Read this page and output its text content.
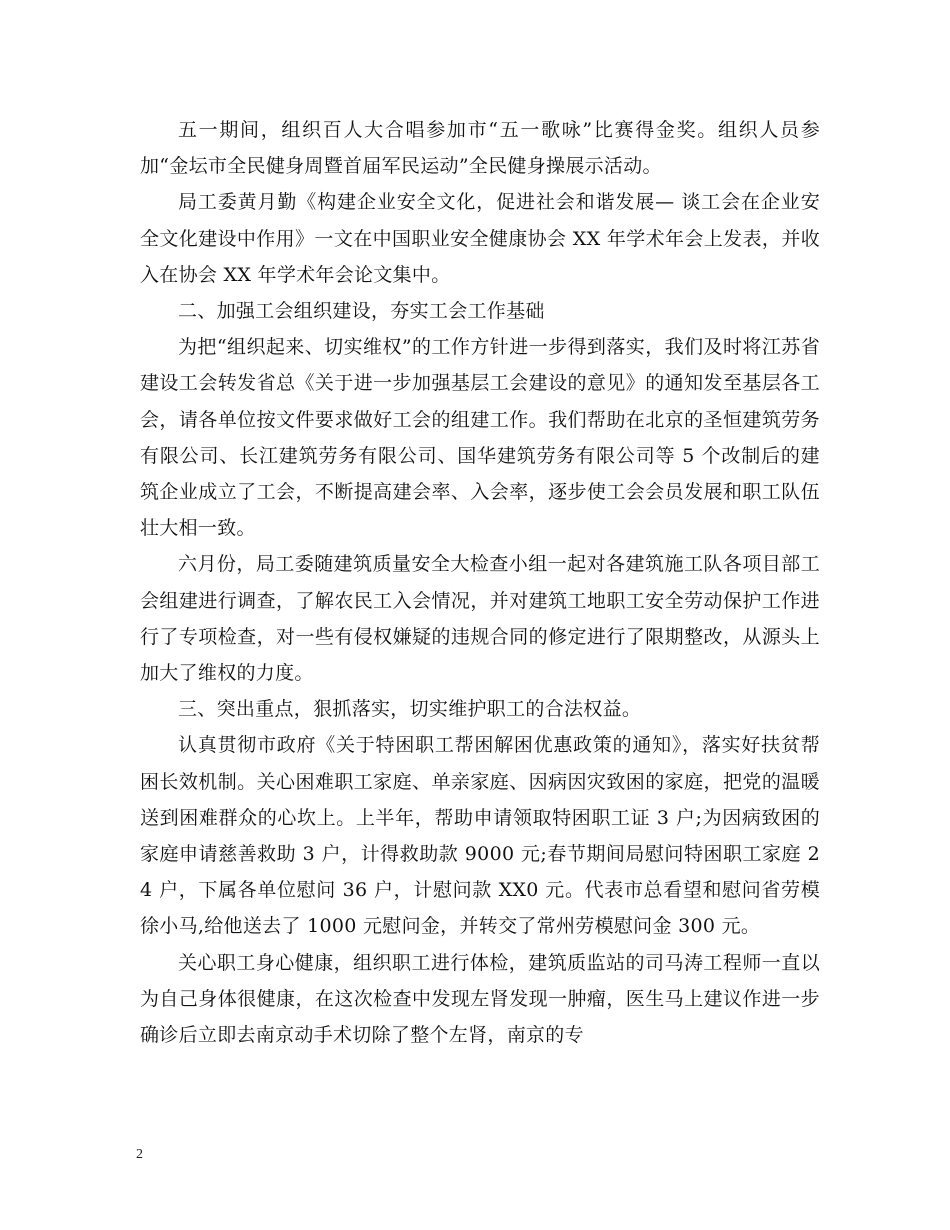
五一期间，组织百人大合唱参加市“五一歌咏”比赛得金奖。组织人员参加“金坛市全民健身周暨首届军民运动”全民健身操展示活动。

局工委黄月勤《构建企业安全文化，促进社会和谐发展— 谈工会在企业安全文化建设中作用》一文在中国职业安全健康协会 XX 年学术年会上发表，并收入在协会 XX 年学术年会论文集中。

二、加强工会组织建设，夯实工会工作基础

为把“组织起来、切实维权”的工作方针进一步得到落实，我们及时将江苏省建设工会转发省总《关于进一步加强基层工会建设的意见》的通知发至基层各工会，请各单位按文件要求做好工会的组建工作。我们帮助在北京的圣恒建筑劳务有限公司、长江建筑劳务有限公司、国华建筑劳务有限公司等 5 个改制后的建筑企业成立了工会，不断提高建会率、入会率，逐步使工会会员发展和职工队伍壮大相一致。

六月份，局工委随建筑质量安全大检查小组一起对各建筑施工队各项目部工会组建进行调查，了解农民工入会情况，并对建筑工地职工安全劳动保护工作进行了专项检查，对一些有侵权嫌疑的违规合同的修定进行了限期整改，从源头上加大了维权的力度。

三、突出重点，狠抓落实，切实维护职工的合法权益。

认真贯彻市政府《关于特困职工帮困解困优惠政策的通知》，落实好扶贫帮困长效机制。关心困难职工家庭、单亲家庭、因病因灾致困的家庭，把党的温暖送到困难群众的心坎上。上半年，帮助申请领取特困职工证 3 户;为因病致困的家庭申请慈善救助 3 户，计得救助款 9000 元;春节期间局慰问特困职工家庭 24 户，下属各单位慰问 36 户，计慰问款 XX0 元。代表市总看望和慰问省劳模徐小马,给他送去了 1000 元慰问金，并转交了常州劳模慰问金 300 元。

关心职工身心健康，组织职工进行体检，建筑质监站的司马涛工程师一直以为自己身体很健康，在这次检查中发现左肾发现一肿瘤，医生马上建议作进一步确诊后立即去南京动手术切除了整个左肾，南京的专

2
